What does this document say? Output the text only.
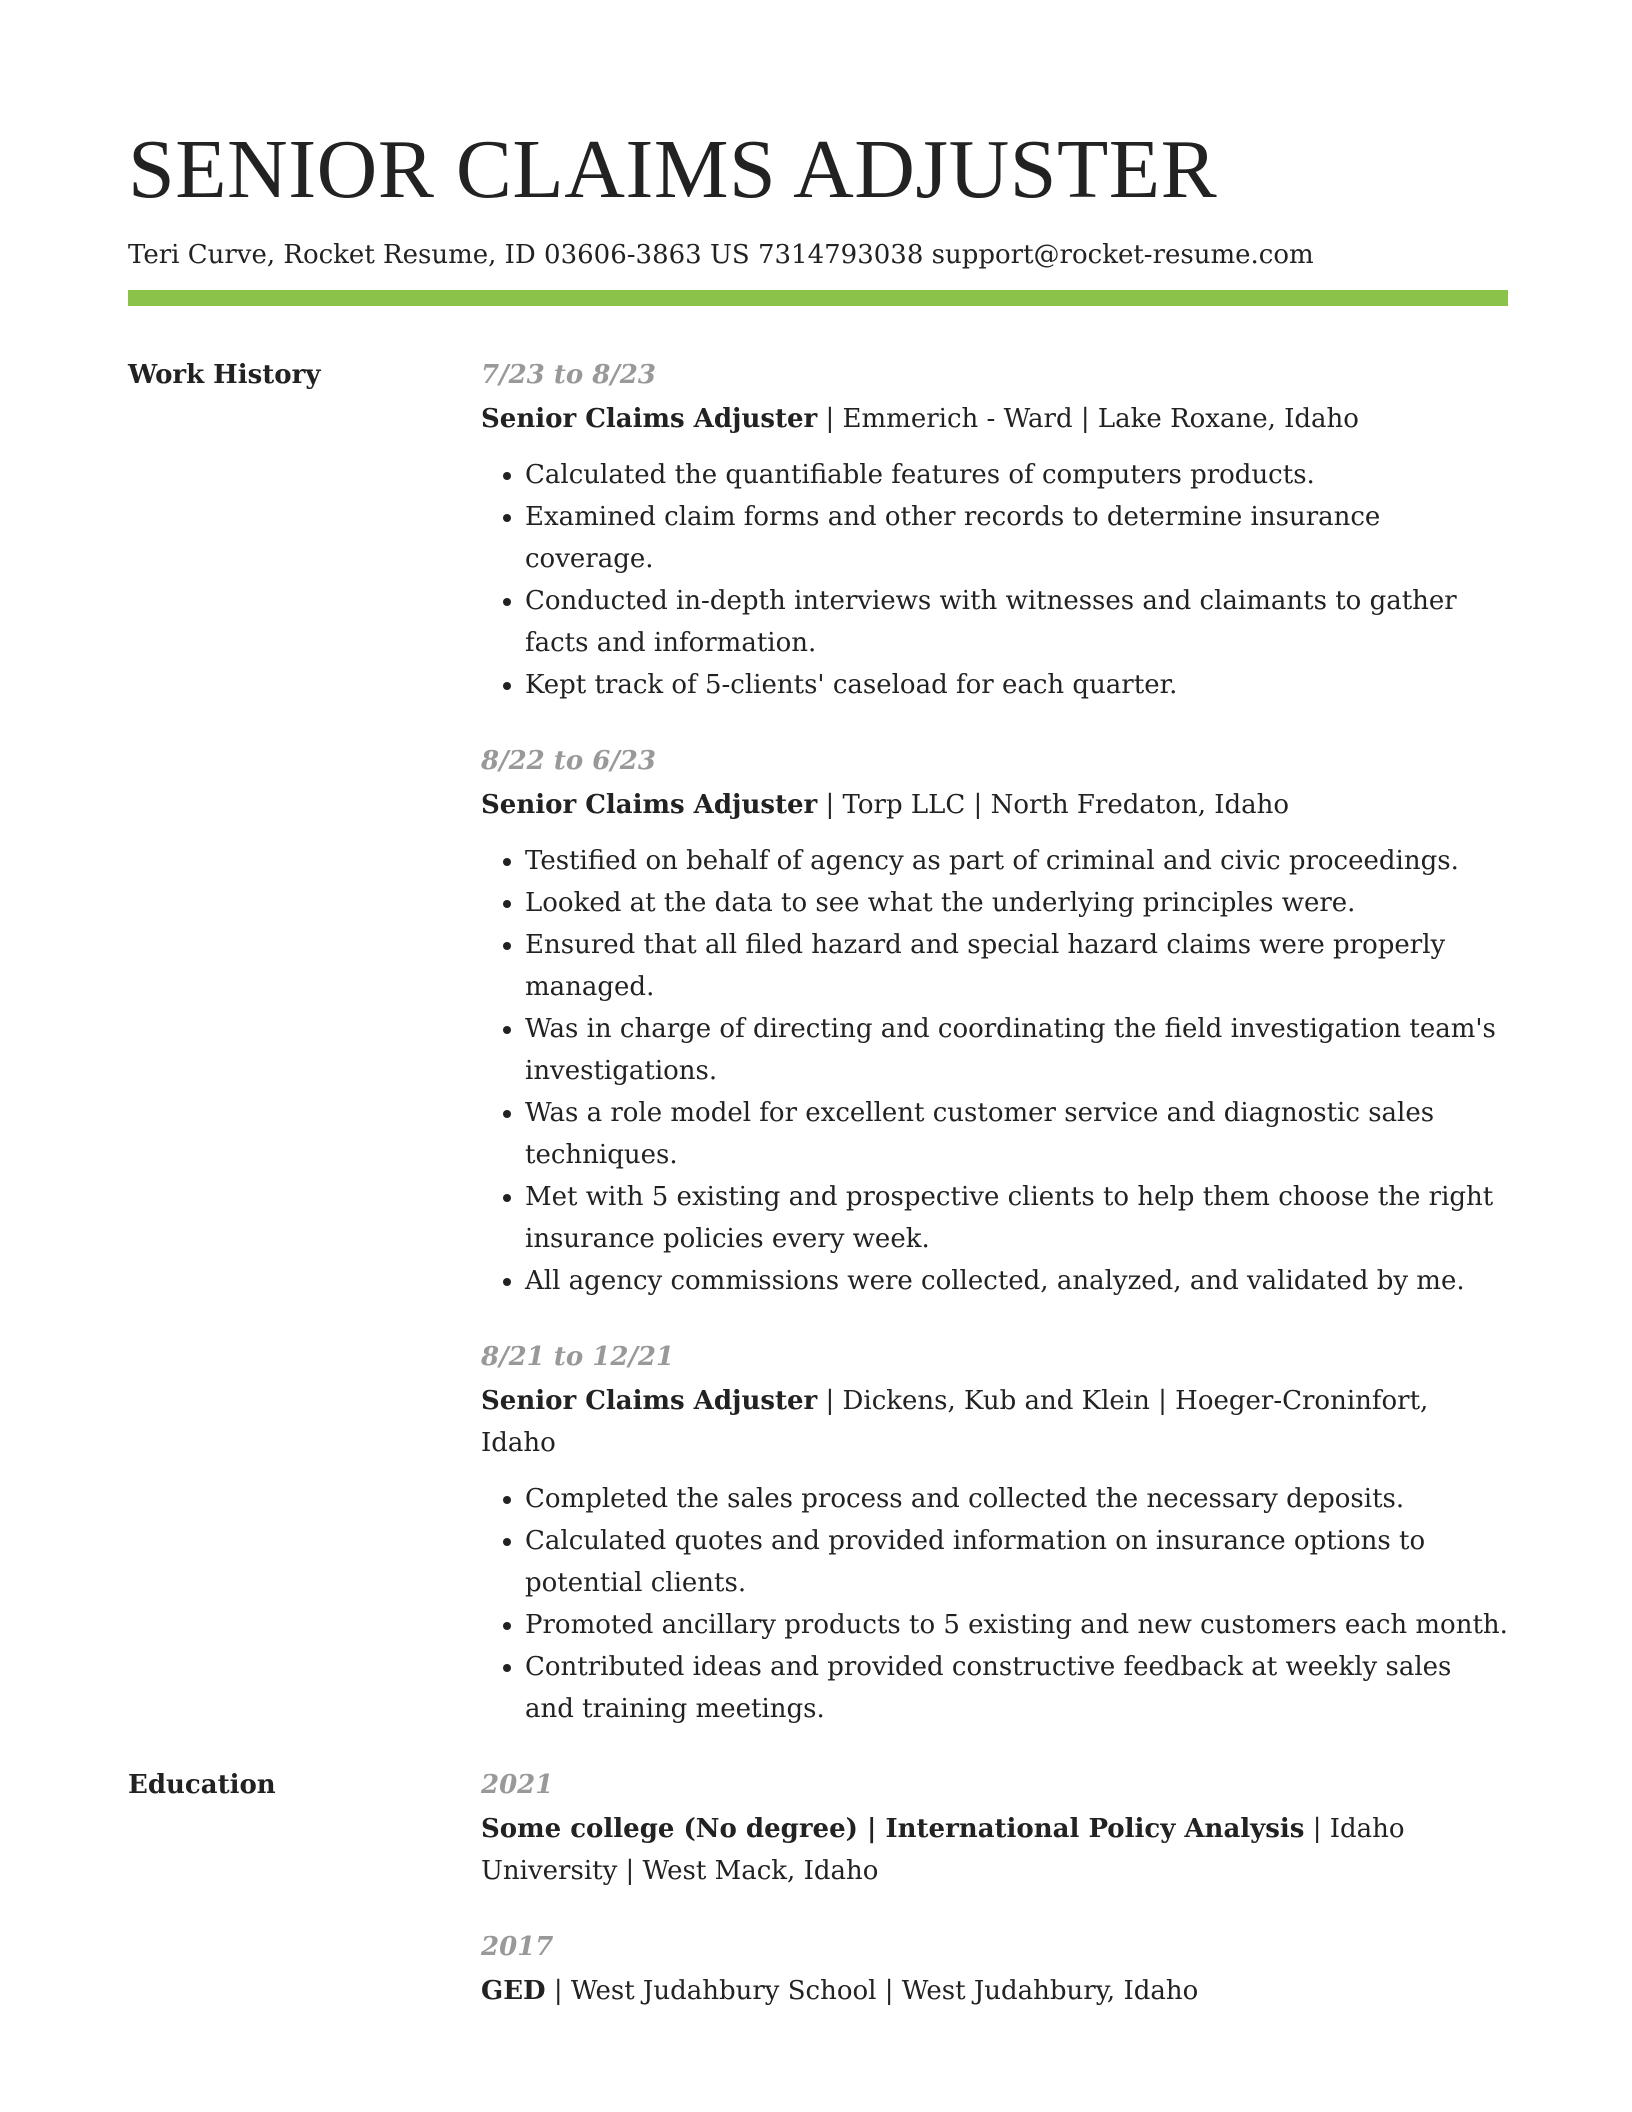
SENIOR CLAIMS ADJUSTER
Teri Curve, Rocket Resume, ID 03606-3863 US 7314793038 support@rocket-resume.com
Work History	7/23 to 8/23
Senior Claims Adjuster | Emmerich - Ward | Lake Roxane, Idaho
• Calculated the quantifiable features of computers products.
• Examined claim forms and other records to determine insurance coverage.
• Conducted in-depth interviews with witnesses and claimants to gather facts and information.
• Kept track of 5-clients' caseload for each quarter.
8/22 to 6/23
Senior Claims Adjuster | Torp LLC | North Fredaton, Idaho
• Testified on behalf of agency as part of criminal and civic proceedings.
• Looked at the data to see what the underlying principles were.
• Ensured that all filed hazard and special hazard claims were properly managed.
• Was in charge of directing and coordinating the field investigation team's investigations.
• Was a role model for excellent customer service and diagnostic sales techniques.
• Met with 5 existing and prospective clients to help them choose the right insurance policies every week.
• All agency commissions were collected, analyzed, and validated by me.
8/21 to 12/21
Senior Claims Adjuster | Dickens, Kub and Klein | Hoeger-Croninfort, Idaho
• Completed the sales process and collected the necessary deposits.
• Calculated quotes and provided information on insurance options to potential clients.
• Promoted ancillary products to 5 existing and new customers each month.
• Contributed ideas and provided constructive feedback at weekly sales and training meetings.
Education	2021
Some college (No degree) | International Policy Analysis | Idaho University | West Mack, Idaho
2017
GED | West Judahbury School | West Judahbury, Idaho
